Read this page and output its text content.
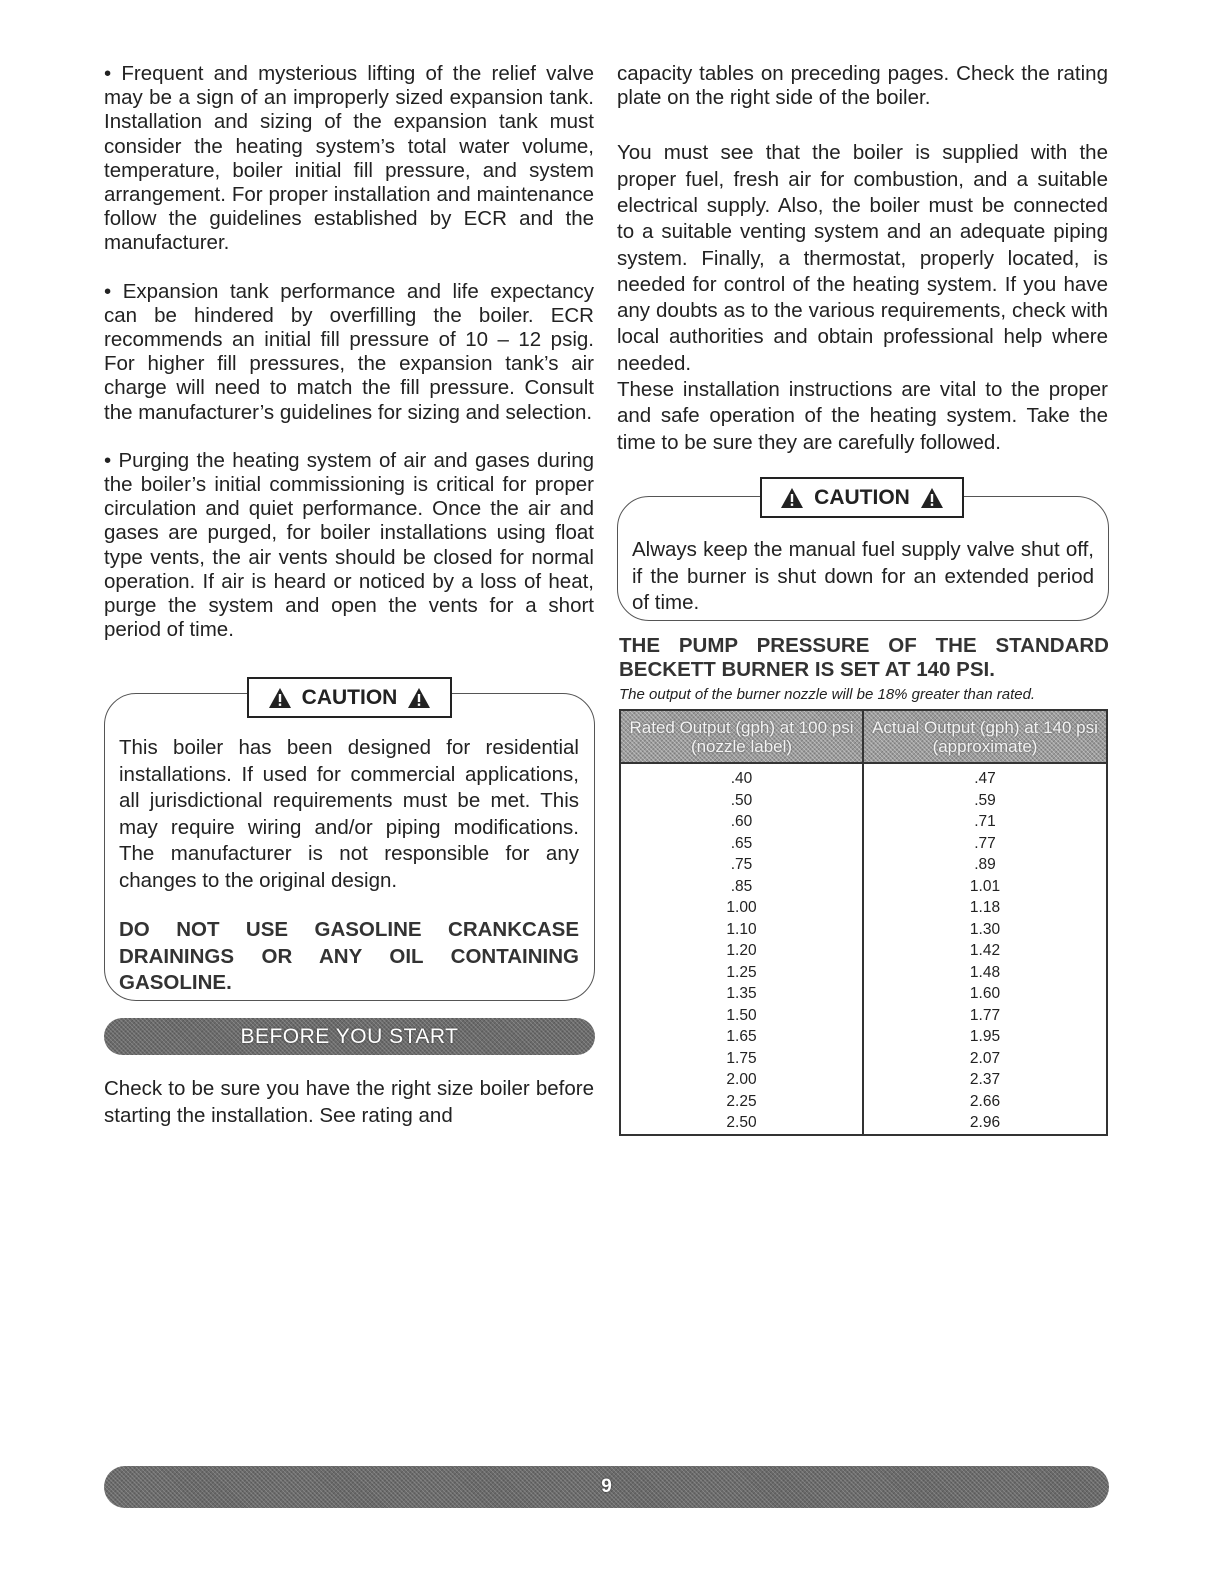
• Frequent and mysterious lifting of the relief valve may be a sign of an improperly sized expansion tank. Installation and sizing of the expansion tank must consider the heating system’s total water volume, temperature, boiler initial fill pressure, and system arrangement. For proper installation and maintenance follow the guidelines established by ECR and the manufacturer.

• Expansion tank performance and life expectancy can be hindered by overfilling the boiler. ECR recommends an initial fill pressure of 10 – 12 psig. For higher fill pressures, the expansion tank’s air charge will need to match the fill pressure. Consult the manufacturer’s guidelines for sizing and selection.

• Purging the heating system of air and gases during the boiler’s initial commissioning is critical for proper circulation and quiet performance. Once the air and gases are purged, for boiler installations using float type vents, the air vents should be closed for normal operation. If air is heard or noticed by a loss of heat, purge the system and open the vents for a short period of time.

CAUTION

This boiler has been designed for residential installations. If used for commercial applications, all jurisdictional requirements must be met. This may require wiring and/or piping modifications. The manufacturer is not responsible for any changes to the original design.

DO NOT USE GASOLINE CRANKCASE DRAININGS OR ANY OIL CONTAINING GASOLINE.

BEFORE YOU START

Check to be sure you have the right size boiler before starting the installation. See rating and

capacity tables on preceding pages. Check the rating plate on the right side of the boiler.

You must see that the boiler is supplied with the proper fuel, fresh air for combustion, and a suitable electrical supply. Also, the boiler must be connected to a suitable venting system and an adequate piping system. Finally, a thermostat, properly located, is needed for control of the heating system. If you have any doubts as to the various requirements, check with local authorities and obtain professional help where needed.

These installation instructions are vital to the proper and safe operation of the heating system. Take the time to be sure they are carefully followed.

CAUTION

Always keep the manual fuel supply valve shut off, if the burner is shut down for an extended period of time.

THE PUMP PRESSURE OF THE STANDARD BECKETT BURNER IS SET AT 140 PSI.

The output of the burner nozzle will be 18% greater than rated.

Rated Output (gph) at 100 psi (nozzle label)	Actual Output (gph) at 140 psi (approximate)
.40	.47
.50	.59
.60	.71
.65	.77
.75	.89
.85	1.01
1.00	1.18
1.10	1.30
1.20	1.42
1.25	1.48
1.35	1.60
1.50	1.77
1.65	1.95
1.75	2.07
2.00	2.37
2.25	2.66
2.50	2.96
9
